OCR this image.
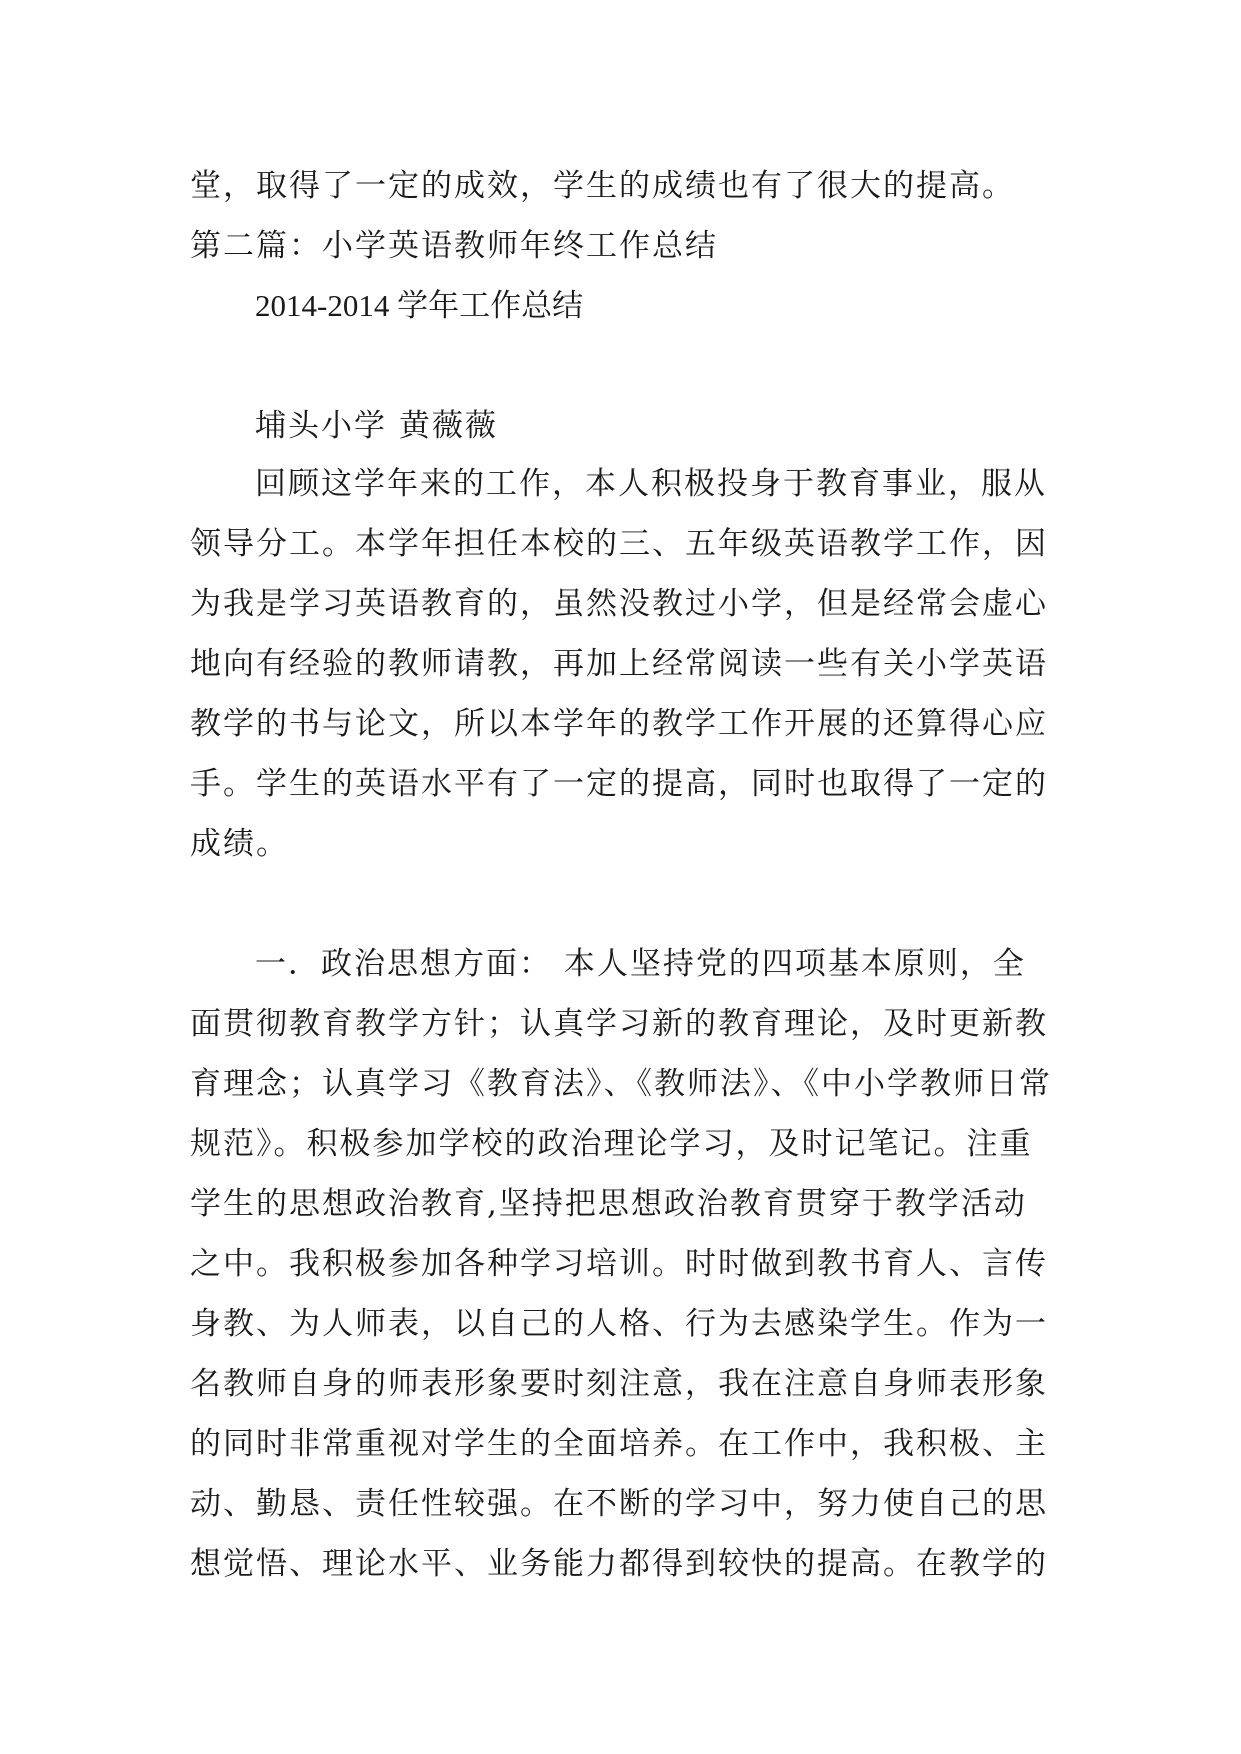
堂，取得了一定的成效，学生的成绩也有了很大的提高。
第二篇：小学英语教师年终工作总结
2014-2014 学年工作总结
埔头小学 黄薇薇
回顾这学年来的工作，本人积极投身于教育事业，服从
领导分工。本学年担任本校的三、五年级英语教学工作，因
为我是学习英语教育的，虽然没教过小学，但是经常会虚心
地向有经验的教师请教，再加上经常阅读一些有关小学英语
教学的书与论文，所以本学年的教学工作开展的还算得心应
手。学生的英语水平有了一定的提高，同时也取得了一定的
成绩。
一．政治思想方面： 本人坚持党的四项基本原则，全
面贯彻教育教学方针；认真学习新的教育理论，及时更新教
育理念；认真学习《教育法》、《教师法》、《中小学教师日常
规范》。积极参加学校的政治理论学习，及时记笔记。注重
学生的思想政治教育,坚持把思想政治教育贯穿于教学活动
之中。我积极参加各种学习培训。时时做到教书育人、言传
身教、为人师表，以自己的人格、行为去感染学生。作为一
名教师自身的师表形象要时刻注意，我在注意自身师表形象
的同时非常重视对学生的全面培养。在工作中，我积极、主
动、勤恳、责任性较强。在不断的学习中，努力使自己的思
想觉悟、理论水平、业务能力都得到较快的提高。在教学的
